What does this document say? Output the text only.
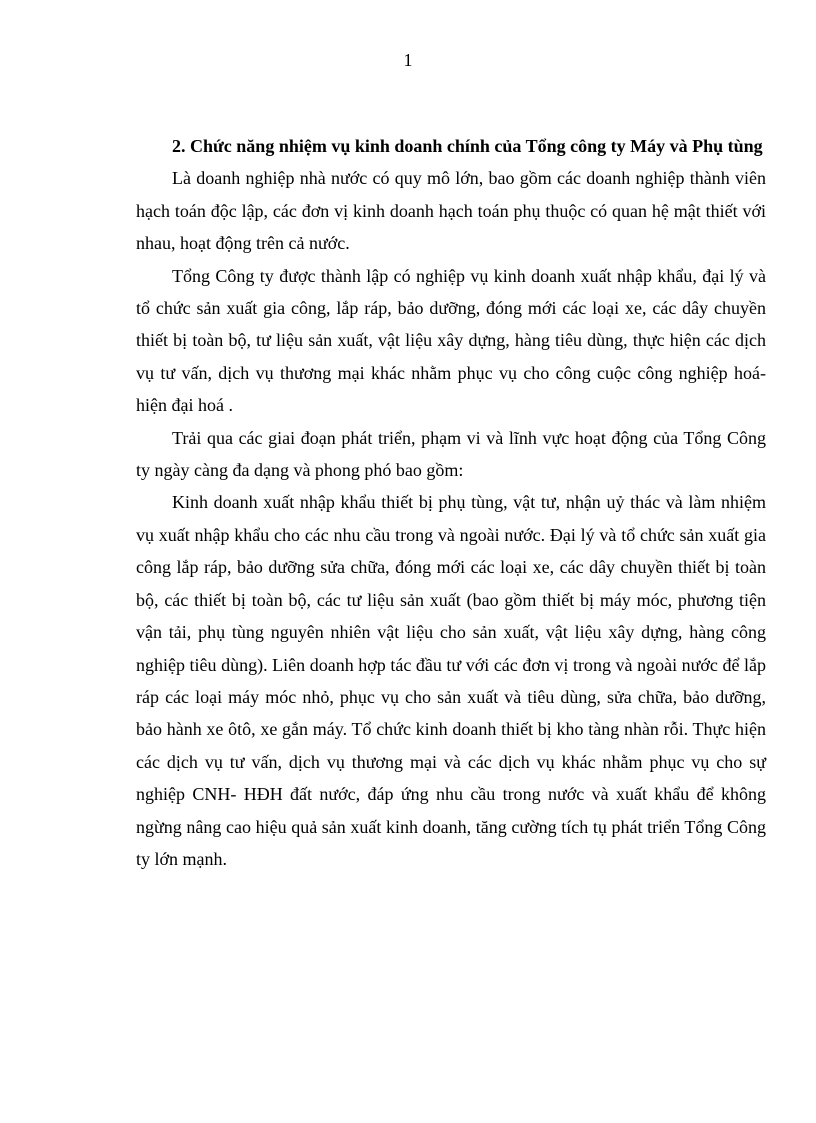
1

2. Chức năng nhiệm vụ kinh doanh chính của Tổng công ty Máy và Phụ tùng

Là doanh nghiệp nhà nước có quy mô lớn, bao gồm các doanh nghiệp thành viên hạch toán độc lập, các đơn vị kinh doanh hạch toán phụ thuộc có quan hệ mật thiết với nhau, hoạt động trên cả nước.

Tổng Công ty được thành lập có nghiệp vụ kinh doanh xuất nhập khẩu, đại lý và tổ chức sản xuất gia công, lắp ráp, bảo dưỡng, đóng mới các loại xe, các dây chuyền thiết bị toàn bộ, tư liệu sản xuất, vật liệu xây dựng, hàng tiêu dùng, thực hiện các dịch vụ tư vấn, dịch vụ thương mại khác nhằm phục vụ cho công cuộc công nghiệp hoá- hiện đại hoá .

Trải qua các giai đoạn phát triển, phạm vi và lĩnh vực hoạt động của Tổng Công ty ngày càng đa dạng và phong phó bao gồm:

Kinh doanh xuất nhập khẩu thiết bị phụ tùng, vật tư, nhận uỷ thác và làm nhiệm vụ xuất nhập khẩu cho các nhu cầu trong và ngoài nước. Đại lý và tổ chức sản xuất gia công lắp ráp, bảo dưỡng sửa chữa, đóng mới các loại xe, các dây chuyền thiết bị toàn bộ, các thiết bị toàn bộ, các tư liệu sản xuất (bao gồm thiết bị máy móc, phương tiện vận tải, phụ tùng nguyên nhiên vật liệu cho sản xuất, vật liệu xây dựng, hàng công nghiệp tiêu dùng). Liên doanh hợp tác đầu tư với các đơn vị trong và ngoài nước để lắp ráp các loại máy móc nhỏ, phục vụ cho sản xuất và tiêu dùng, sửa chữa, bảo dưỡng, bảo hành xe ôtô, xe gắn máy. Tổ chức kinh doanh thiết bị kho tàng nhàn rỗi. Thực hiện các dịch vụ tư vấn, dịch vụ thương mại và các dịch vụ khác nhằm phục vụ cho sự nghiệp CNH- HĐH đất nước, đáp ứng nhu cầu trong nước và xuất khẩu để không ngừng nâng cao hiệu quả sản xuất kinh doanh, tăng cường tích tụ phát triển Tổng Công ty lớn mạnh.
